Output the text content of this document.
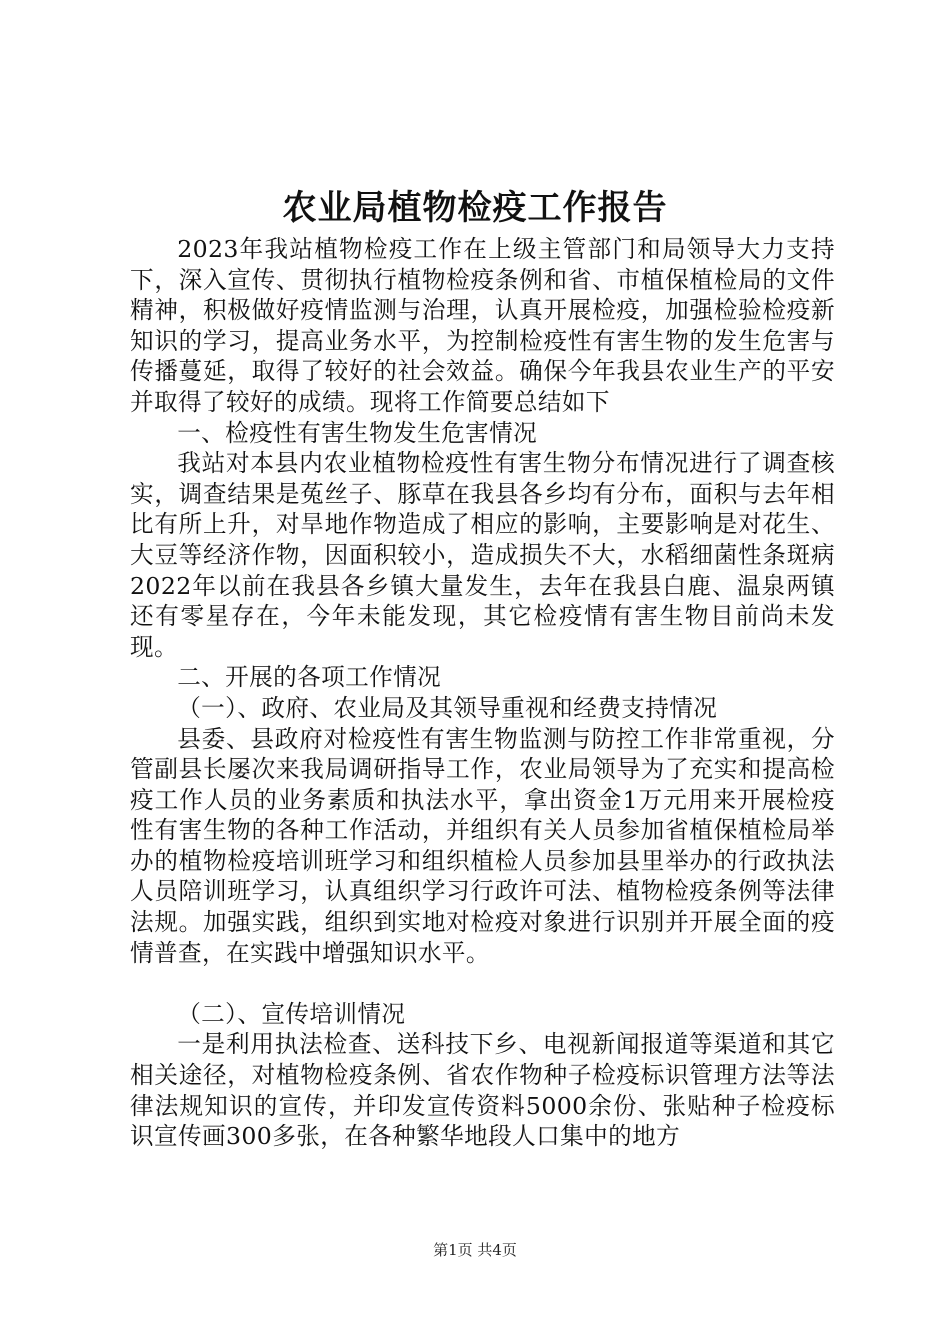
农业局植物检疫工作报告

2023年我站植物检疫工作在上级主管部门和局领导大力支持下，深入宣传、贯彻执行植物检疫条例和省、市植保植检局的文件精神，积极做好疫情监测与治理，认真开展检疫，加强检验检疫新知识的学习，提高业务水平，为控制检疫性有害生物的发生危害与传播蔓延，取得了较好的社会效益。确保今年我县农业生产的平安并取得了较好的成绩。现将工作简要总结如下

一、检疫性有害生物发生危害情况

我站对本县内农业植物检疫性有害生物分布情况进行了调查核实，调查结果是菟丝子、豚草在我县各乡均有分布，面积与去年相比有所上升，对旱地作物造成了相应的影响，主要影响是对花生、大豆等经济作物，因面积较小，造成损失不大，水稻细菌性条斑病2022年以前在我县各乡镇大量发生，去年在我县白鹿、温泉两镇还有零星存在，今年未能发现，其它检疫情有害生物目前尚未发现。

二、开展的各项工作情况

（一）、政府、农业局及其领导重视和经费支持情况

县委、县政府对检疫性有害生物监测与防控工作非常重视，分管副县长屡次来我局调研指导工作，农业局领导为了充实和提高检疫工作人员的业务素质和执法水平，拿出资金1万元用来开展检疫性有害生物的各种工作活动，并组织有关人员参加省植保植检局举办的植物检疫培训班学习和组织植检人员参加县里举办的行政执法人员陪训班学习，认真组织学习行政许可法、植物检疫条例等法律法规。加强实践，组织到实地对检疫对象进行识别并开展全面的疫情普查，在实践中增强知识水平。

（二）、宣传培训情况

一是利用执法检查、送科技下乡、电视新闻报道等渠道和其它相关途径，对植物检疫条例、省农作物种子检疫标识管理方法等法律法规知识的宣传，并印发宣传资料5000余份、张贴种子检疫标识宣传画300多张，在各种繁华地段人口集中的地方

第1页 共4页
